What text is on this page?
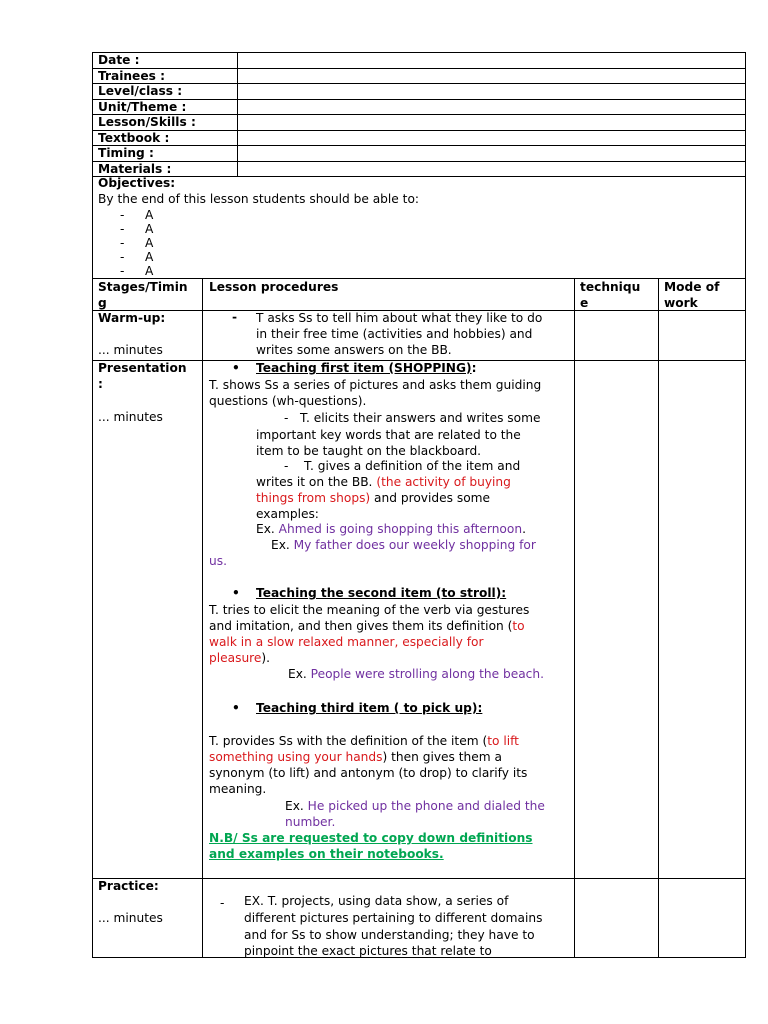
Date :
Trainees :
Level/class :
Unit/Theme :
Lesson/Skills :
Textbook :
Timing :
Materials :
Objectives:
By the end of this lesson students should be able to:
- A
- A
- A
- A
- A
Stages/Timin
g
Lesson procedures	techniqu
e
Mode of
work
Warm-up:
... minutes
- T asks Ss to tell him about what they like to do
in their free time (activities and hobbies) and
writes some answers on the BB.
Presentation
:
... minutes
• Teaching first item (SHOPPING):
T. shows Ss a series of pictures and asks them guiding
questions (wh-questions).
- T. elicits their answers and writes some
important key words that are related to the
item to be taught on the blackboard.
- T. gives a definition of the item and
writes it on the BB. (the activity of buying
things from shops) and provides some
examples:
Ex. Ahmed is going shopping this afternoon.
Ex. My father does our weekly shopping for
us.
• Teaching the second item (to stroll):
T. tries to elicit the meaning of the verb via gestures
and imitation, and then gives them its definition (to
walk in a slow relaxed manner, especially for
pleasure).
Ex. People were strolling along the beach.
• Teaching third item ( to pick up):
T. provides Ss with the definition of the item (to lift
something using your hands) then gives them a
synonym (to lift) and antonym (to drop) to clarify its
meaning.
Ex. He picked up the phone and dialed the
number.
N.B/ Ss are requested to copy down definitions
and examples on their notebooks.
Practice:
... minutes
- EX. T. projects, using data show, a series of
different pictures pertaining to different domains
and for Ss to show understanding; they have to
pinpoint the exact pictures that relate to
